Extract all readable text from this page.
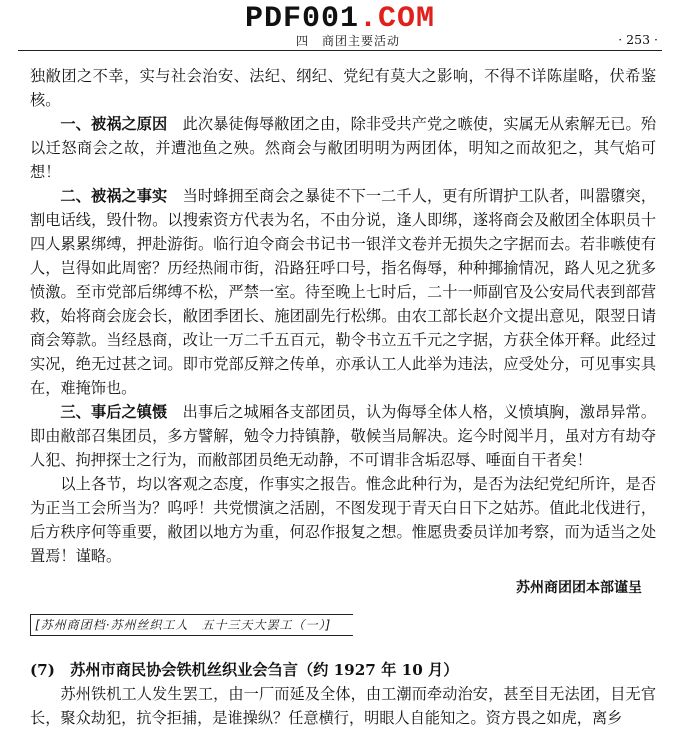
PDF001.COM
四　商团主要活动	· 253 ·

独敝团之不幸，实与社会治安、法纪、纲纪、党纪有莫大之影响，不得不详陈崖略，伏希鉴核。

一、被祸之原因　此次暴徒侮辱敝团之由，除非受共产党之嗾使，实属无从索解无已。殆以迁怒商会之故，并遭池鱼之殃。然商会与敝团明明为两团体，明知之而故犯之，其气焰可想！

二、被祸之事实　当时蜂拥至商会之暴徒不下一二千人，更有所谓护工队者，叫嚣隳突，割电话线，毁什物。以搜索资方代表为名，不由分说，逢人即绑，遂将商会及敝团全体职员十四人累累绑缚，押赴游街。临行迫令商会书记书一银洋文卷并无损失之字据而去。若非嗾使有人，岂得如此周密？历经热闹市街，沿路狂呼口号，指名侮辱，种种揶揄情况，路人见之犹多愤激。至市党部后绑缚不松，严禁一室。待至晚上七时后，二十一师副官及公安局代表到部营救，始将商会庞会长，敝团季团长、施团副先行松绑。由农工部长赵介文提出意见，限翌日请商会筹款。当经恳商，改让一万二千五百元，勒令书立五千元之字据，方获全体开释。此经过实况，绝无过甚之词。即市党部反辩之传单，亦承认工人此举为违法，应受处分，可见事实具在，难掩饰也。

三、事后之镇慑　出事后之城厢各支部团员，认为侮辱全体人格，义愤填胸，激昂异常。即由敝部召集团员，多方譬解，勉令力持镇静，敬候当局解决。迄今时阅半月，虽对方有劫夺人犯、拘押探士之行为，而敝部团员绝无动静，不可谓非含垢忍辱、唾面自干者矣！

以上各节，均以客观之态度，作事实之报告。惟念此种行为，是否为法纪党纪所许，是否为正当工会所当为？呜呼！共党惯演之活剧，不图发现于青天白日下之姑苏。值此北伐进行，后方秩序何等重要，敝团以地方为重，何忍作报复之想。惟愿贵委员详加考察，而为适当之处置焉！谨略。

苏州商团团本部谨呈

[苏州商团档·苏州丝织工人　五十三天大罢工（一）]

(7)　苏州市商民协会铁机丝织业会刍言（约 1927 年 10 月）

苏州铁机工人发生罢工，由一厂而延及全体，由工潮而牵动治安，甚至目无法团，目无官长，聚众劫犯，抗令拒捕，是谁操纵？任意横行，明眼人自能知之。资方畏之如虎，离乡
